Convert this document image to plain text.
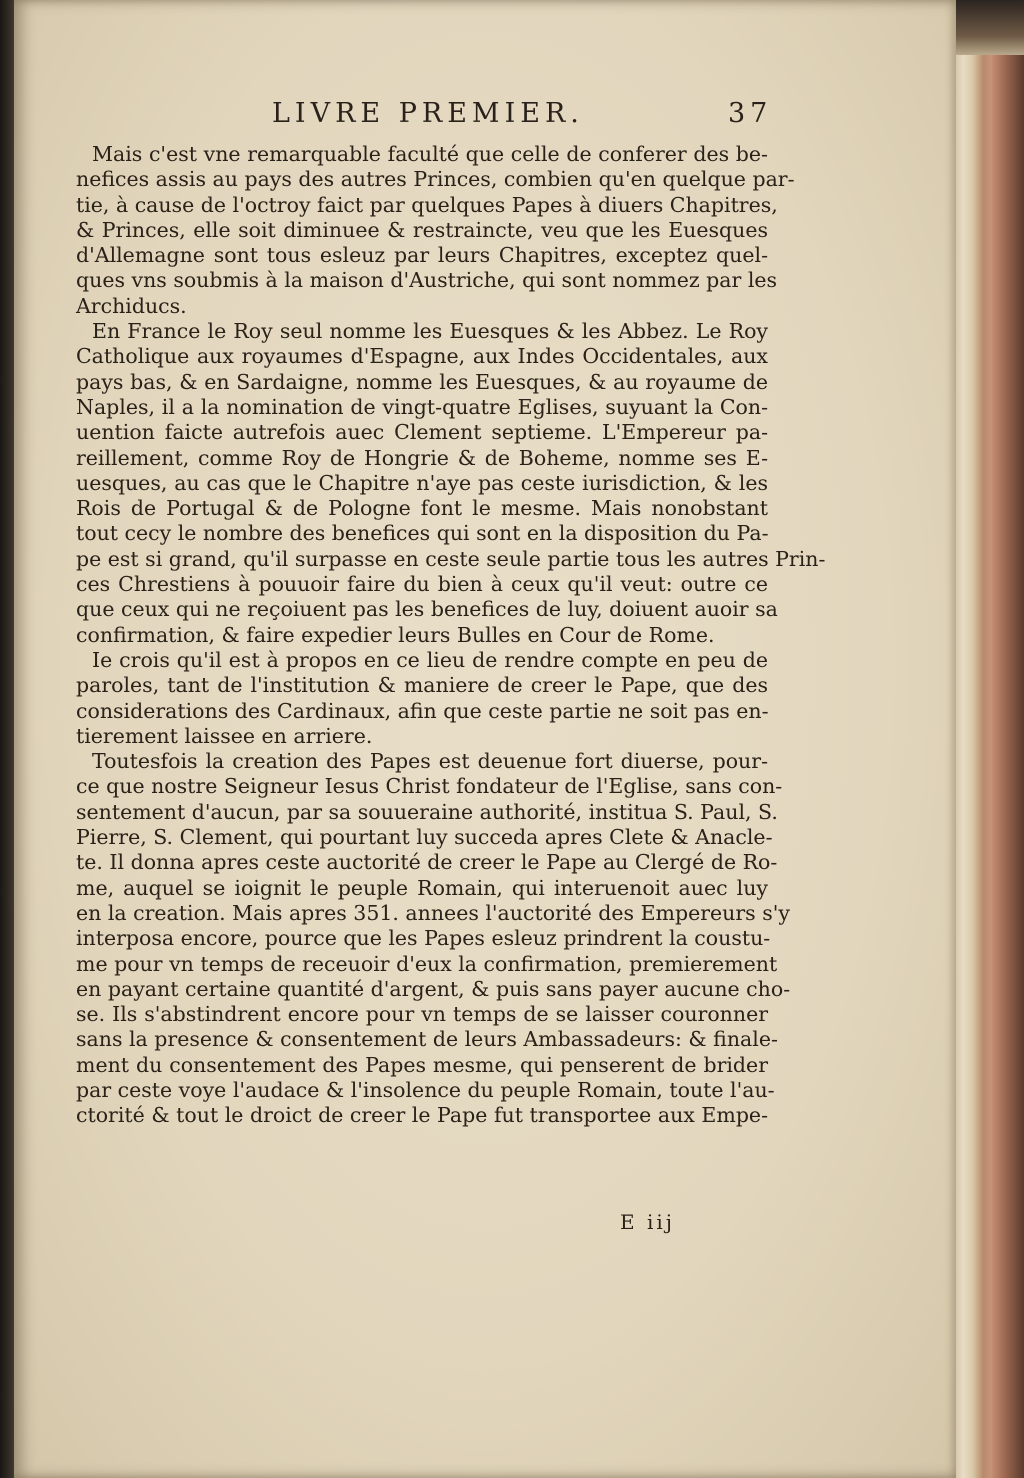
LIVRE PREMIER.	37
Mais c'est vne remarquable faculté que celle de conferer des be-
nefices assis au pays des autres Princes, combien qu'en quelque par-
tie, à cause de l'octroy faict par quelques Papes à diuers Chapitres,
& Princes, elle soit diminuee & restraincte, veu que les Euesques
d'Allemagne sont tous esleuz par leurs Chapitres, exceptez quel-
ques vns soubmis à la maison d'Austriche, qui sont nommez par les
Archiducs.
En France le Roy seul nomme les Euesques & les Abbez. Le Roy
Catholique aux royaumes d'Espagne, aux Indes Occidentales, aux
pays bas, & en Sardaigne, nomme les Euesques, & au royaume de
Naples, il a la nomination de vingt-quatre Eglises, suyuant la Con-
uention faicte autrefois auec Clement septieme. L'Empereur pa-
reillement, comme Roy de Hongrie & de Boheme, nomme ses E-
uesques, au cas que le Chapitre n'aye pas ceste iurisdiction, & les
Rois de Portugal & de Pologne font le mesme. Mais nonobstant
tout cecy le nombre des benefices qui sont en la disposition du Pa-
pe est si grand, qu'il surpasse en ceste seule partie tous les autres Prin-
ces Chrestiens à pouuoir faire du bien à ceux qu'il veut: outre ce
que ceux qui ne reçoiuent pas les benefices de luy, doiuent auoir sa
confirmation, & faire expedier leurs Bulles en Cour de Rome.
Ie crois qu'il est à propos en ce lieu de rendre compte en peu de
paroles, tant de l'institution & maniere de creer le Pape, que des
considerations des Cardinaux, afin que ceste partie ne soit pas en-
tierement laissee en arriere.
Toutesfois la creation des Papes est deuenue fort diuerse, pour-
ce que nostre Seigneur Iesus Christ fondateur de l'Eglise, sans con-
sentement d'aucun, par sa souueraine authorité, institua S. Paul, S.
Pierre, S. Clement, qui pourtant luy succeda apres Clete & Anacle-
te. Il donna apres ceste auctorité de creer le Pape au Clergé de Ro-
me, auquel se ioignit le peuple Romain, qui interuenoit auec luy
en la creation. Mais apres 351. annees l'auctorité des Empereurs s'y
interposa encore, pource que les Papes esleuz prindrent la coustu-
me pour vn temps de receuoir d'eux la confirmation, premierement
en payant certaine quantité d'argent, & puis sans payer aucune cho-
se. Ils s'abstindrent encore pour vn temps de se laisser couronner
sans la presence & consentement de leurs Ambassadeurs: & finale-
ment du consentement des Papes mesme, qui penserent de brider
par ceste voye l'audace & l'insolence du peuple Romain, toute l'au-
ctorité & tout le droict de creer le Pape fut transportee aux Empe-
E iij
